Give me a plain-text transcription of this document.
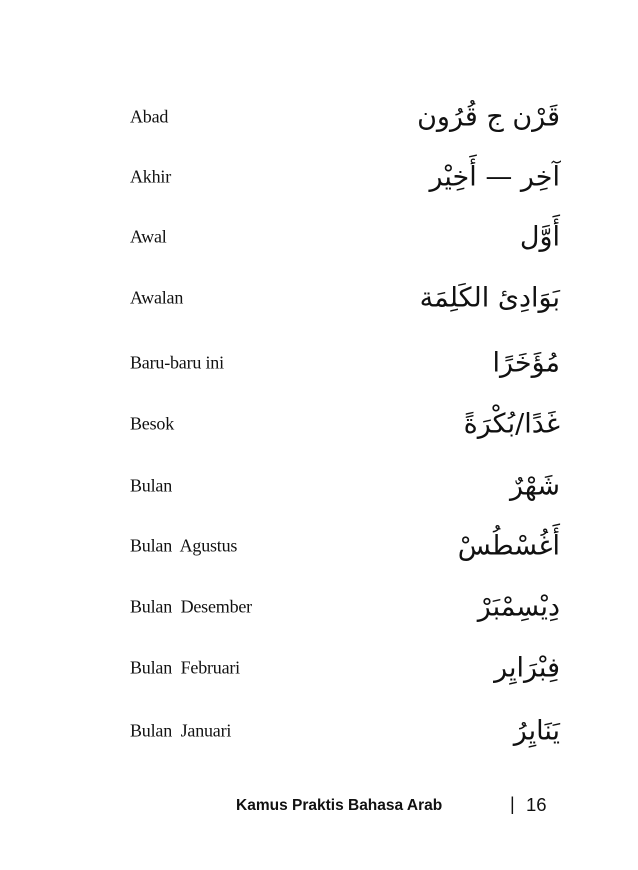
Abad	قَرْن ج قُرُون
Akhir	آخِر — أَخِيْر
Awal	أَوَّل
Awalan	بَوَادِئ الكَلِمَة
Baru-baru ini	مُؤَخَرًا
Besok	غَدًا/بُكْرَةً
Bulan	شَهْرٌ
Bulan  Agustus	أَغُسْطُسْ
Bulan  Desember	دِيْسِمْبَرْ
Bulan  Februari	فِبْرَايِر
Bulan  Januari	يَنَايِرُ
Kamus Praktis Bahasa Arab	| 16
